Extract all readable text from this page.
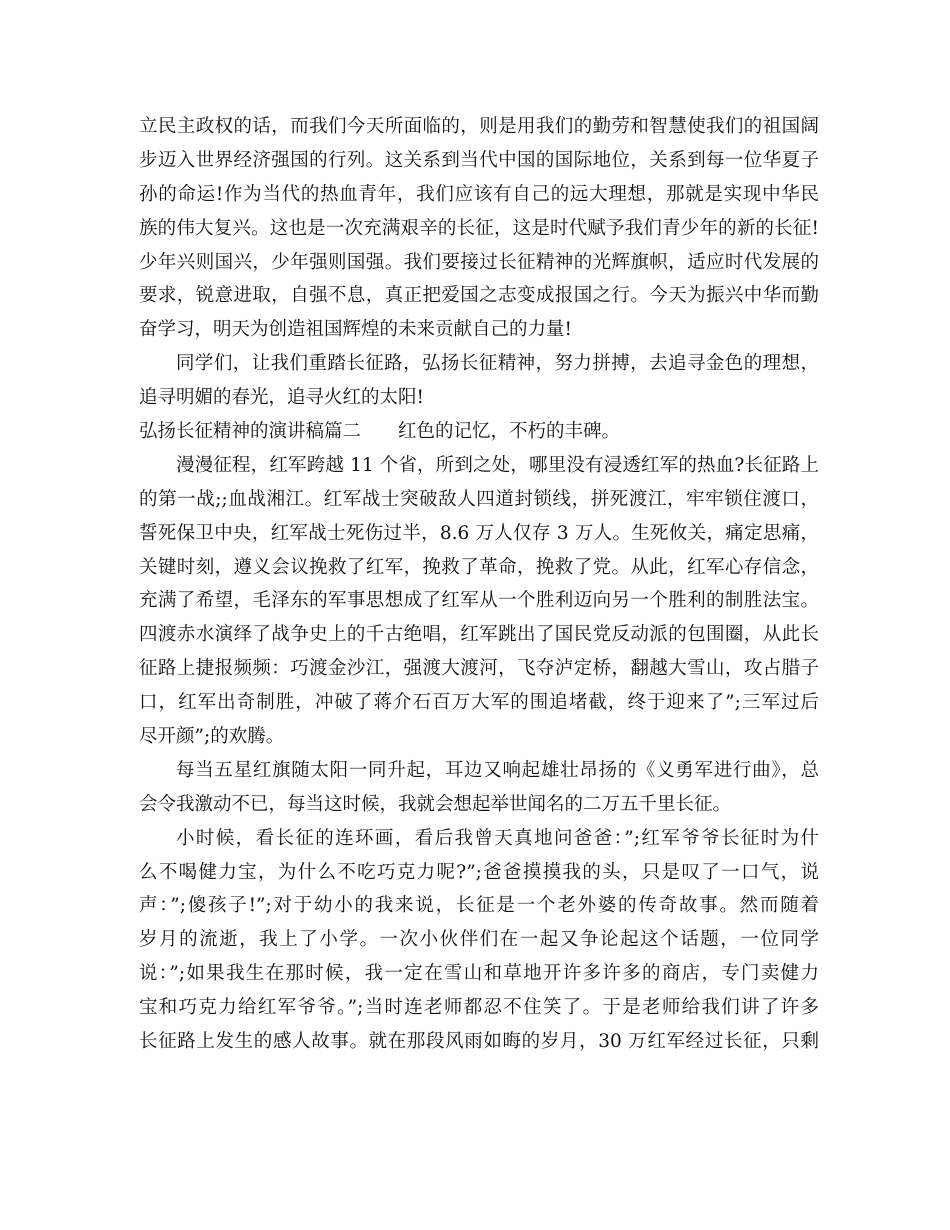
立民主政权的话，而我们今天所面临的，则是用我们的勤劳和智慧使我们的祖国阔
步迈入世界经济强国的行列。这关系到当代中国的国际地位，关系到每一位华夏子
孙的命运!作为当代的热血青年，我们应该有自己的远大理想，那就是实现中华民
族的伟大复兴。这也是一次充满艰辛的长征，这是时代赋予我们青少年的新的长征!
少年兴则国兴，少年强则国强。我们要接过长征精神的光辉旗帜，适应时代发展的
要求，锐意进取，自强不息，真正把爱国之志变成报国之行。今天为振兴中华而勤
奋学习，明天为创造祖国辉煌的未来贡献自己的力量!
同学们，让我们重踏长征路，弘扬长征精神，努力拼搏，去追寻金色的理想，
追寻明媚的春光，追寻火红的太阳!
弘扬长征精神的演讲稿篇二　　红色的记忆，不朽的丰碑。
漫漫征程，红军跨越 11 个省，所到之处，哪里没有浸透红军的热血?长征路上
的第一战;;血战湘江。红军战士突破敌人四道封锁线，拼死渡江，牢牢锁住渡口，
誓死保卫中央，红军战士死伤过半，8.6 万人仅存 3 万人。生死攸关，痛定思痛，
关键时刻，遵义会议挽救了红军，挽救了革命，挽救了党。从此，红军心存信念，
充满了希望，毛泽东的军事思想成了红军从一个胜利迈向另一个胜利的制胜法宝。
四渡赤水演绎了战争史上的千古绝唱，红军跳出了国民党反动派的包围圈，从此长
征路上捷报频频：巧渡金沙江，强渡大渡河，飞夺泸定桥，翻越大雪山，攻占腊子
口，红军出奇制胜，冲破了蒋介石百万大军的围追堵截，终于迎来了”;三军过后
尽开颜”;的欢腾。
每当五星红旗随太阳一同升起，耳边又响起雄壮昂扬的《义勇军进行曲》，总
会令我激动不已，每当这时候，我就会想起举世闻名的二万五千里长征。
小时候，看长征的连环画，看后我曾天真地问爸爸：”;红军爷爷长征时为什
么不喝健力宝，为什么不吃巧克力呢?”;爸爸摸摸我的头，只是叹了一口气，说
声：”;傻孩子!”;对于幼小的我来说，长征是一个老外婆的传奇故事。然而随着
岁月的流逝，我上了小学。一次小伙伴们在一起又争论起这个话题，一位同学
说：”;如果我生在那时候，我一定在雪山和草地开许多许多的商店，专门卖健力
宝和巧克力给红军爷爷。”;当时连老师都忍不住笑了。于是老师给我们讲了许多
长征路上发生的感人故事。就在那段风雨如晦的岁月，30 万红军经过长征，只剩
